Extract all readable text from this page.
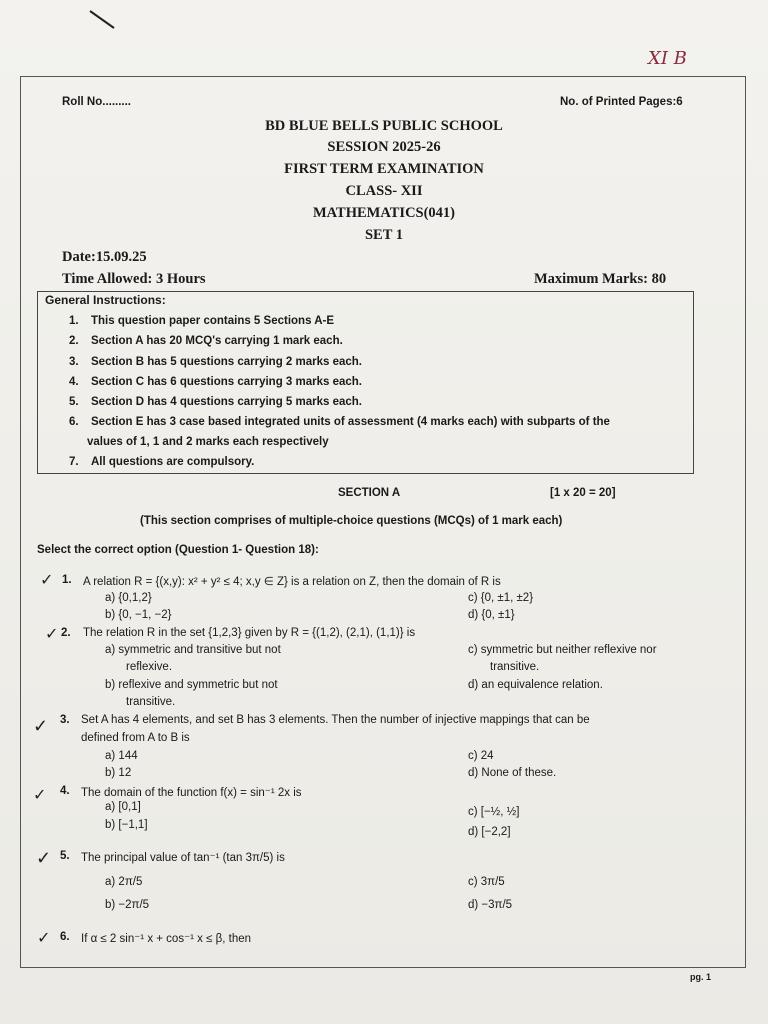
XI B
Roll No.........	No. of Printed Pages:6
BD BLUE BELLS PUBLIC SCHOOL
SESSION 2025-26
FIRST TERM EXAMINATION
CLASS- XII
MATHEMATICS(041)
SET 1
Date:15.09.25
Time Allowed: 3 Hours	Maximum Marks: 80
General Instructions:
1. This question paper contains 5 Sections A-E
2. Section A has 20 MCQ's carrying 1 mark each.
3. Section B has 5 questions carrying 2 marks each.
4. Section C has 6 questions carrying 3 marks each.
5. Section D has 4 questions carrying 5 marks each.
6. Section E has 3 case based integrated units of assessment (4 marks each) with subparts of the
values of 1, 1 and 2 marks each respectively
7. All questions are compulsory.
SECTION A	[1 x 20 = 20]
(This section comprises of multiple-choice questions (MCQs) of 1 mark each)
Select the correct option (Question 1- Question 18):
✓ 1. A relation R = {(x,y): x² + y² ≤ 4; x,y ∈ Z} is a relation on Z, then the domain of R is
a) {0,1,2}
b) {0, −1, −2}
c) {0, ±1, ±2}
d) {0, ±1}
✓ 2. The relation R in the set {1,2,3} given by R = {(1,2), (2,1), (1,1)} is
a) symmetric and transitive but not
reflexive.
b) reflexive and symmetric but not
transitive.
c) symmetric but neither reflexive nor
transitive.
d) an equivalence relation.
✓ 3. Set A has 4 elements, and set B has 3 elements. Then the number of injective mappings that can be
defined from A to B is
a) 144
b) 12
c) 24
d) None of these.
✓ 4. The domain of the function f(x) = sin⁻¹ 2x is
a) [0,1]
b) [−1,1]
c) [−½, ½]
d) [−2,2]
✓ 5. The principal value of tan⁻¹ (tan 3π/5) is
a) 2π/5
b) −2π/5
c) 3π/5
d) −3π/5
✓ 6. If α ≤ 2 sin⁻¹ x + cos⁻¹ x ≤ β, then
pg. 1
